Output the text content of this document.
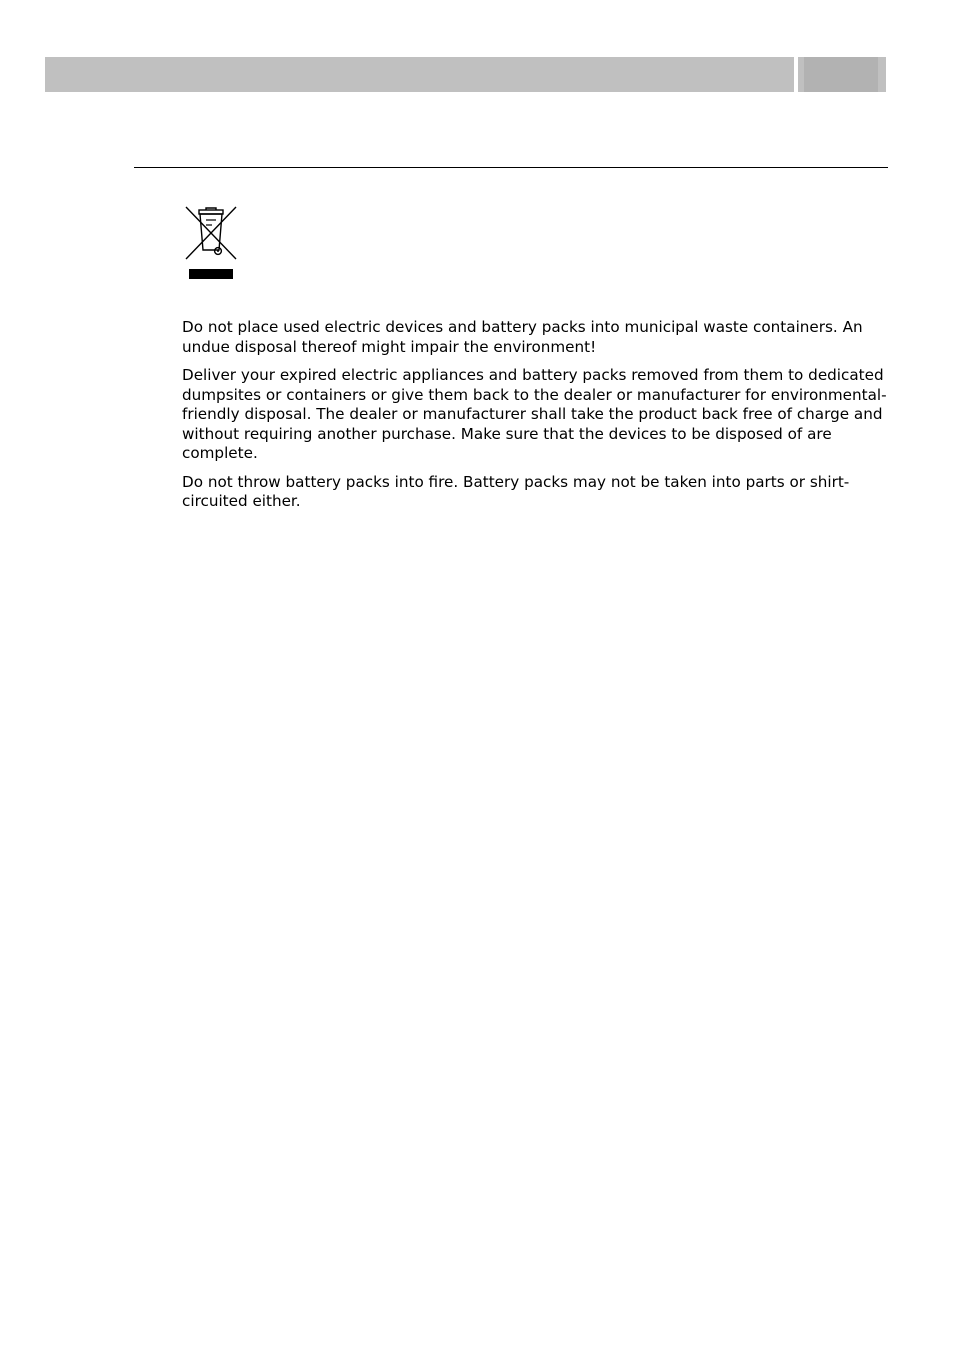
Do not place used electric devices and battery packs into municipal waste containers. An undue disposal thereof might impair the environment!

Deliver your expired electric appliances and battery packs removed from them to dedicated dumpsites or containers or give them back to the dealer or manufacturer for environmental-friendly disposal. The dealer or manufacturer shall take the product back free of charge and without requiring another purchase. Make sure that the devices to be disposed of are complete.

Do not throw battery packs into fire. Battery packs may not be taken into parts or shirt-circuited either.
